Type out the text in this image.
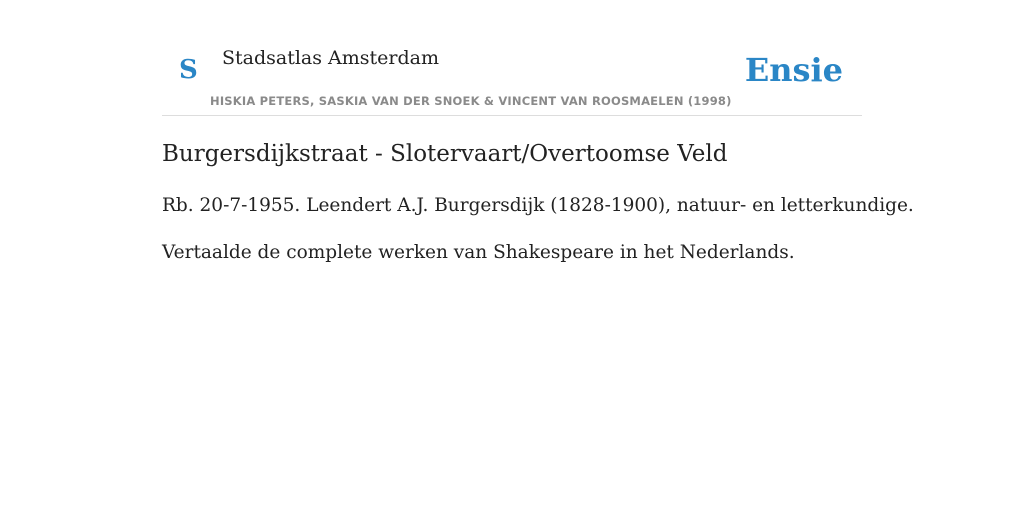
S Stadsatlas Amsterdam
HISKIA PETERS, SASKIA VAN DER SNOEK & VINCENT VAN ROOSMAELEN (1998)
Ensie
Burgersdijkstraat - Slotervaart/Overtoomse Veld

Rb. 20-7-1955. Leendert A.J. Burgersdijk (1828-1900), natuur- en letterkundige.

Vertaalde de complete werken van Shakespeare in het Nederlands.
